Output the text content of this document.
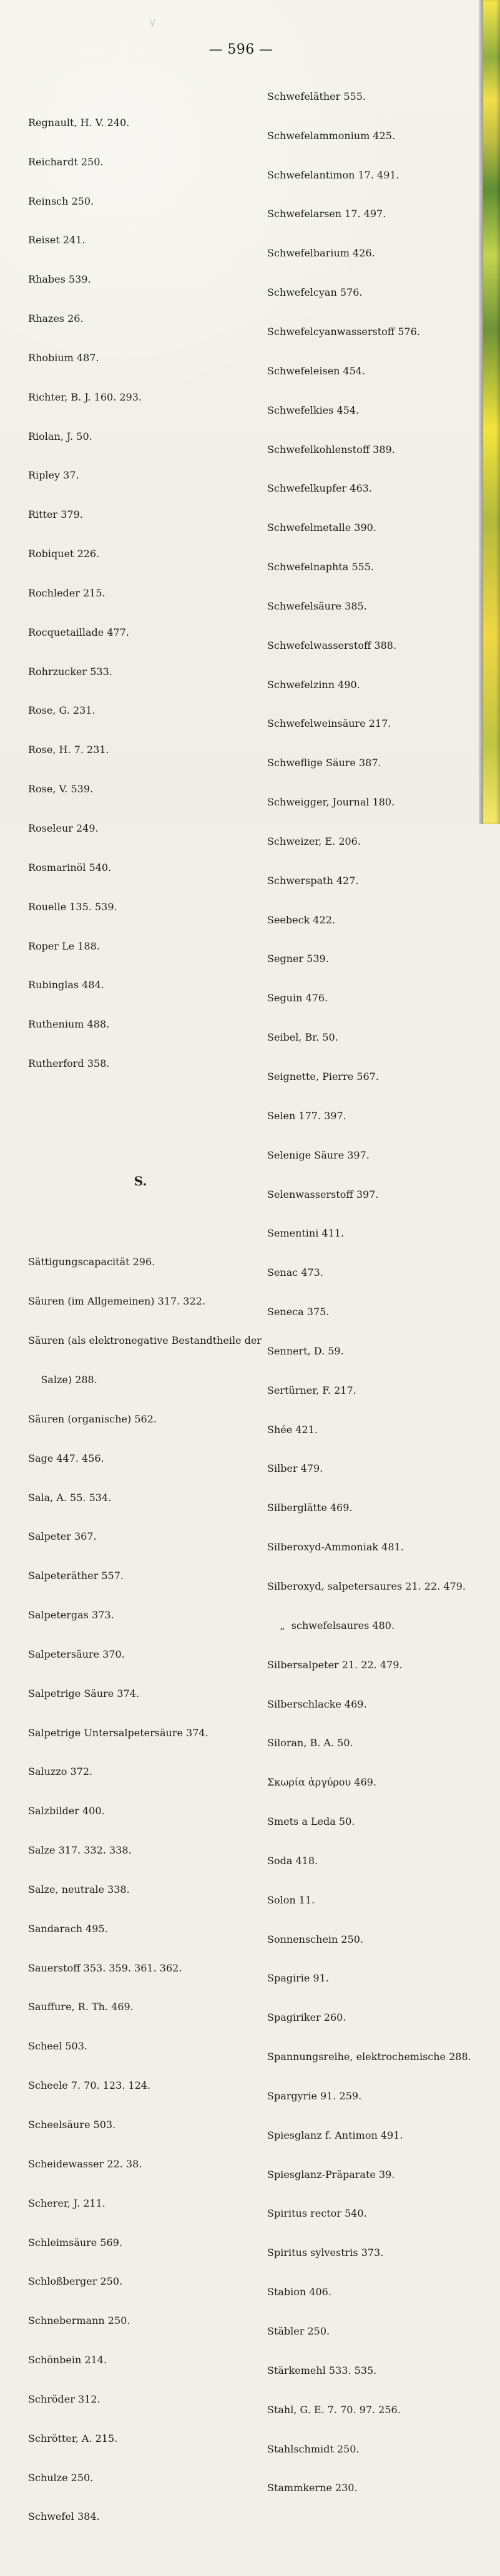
— 596 —

Regnault, H. V. 240.

Reichardt 250.

Reinsch 250.

Reiset 241.

Rhabes 539.

Rhazes 26.

Rhobium 487.

Richter, B. J. 160. 293.

Riolan, J. 50.

Ripley 37.

Ritter 379.

Robiquet 226.

Rochleder 215.

Rocquetaillade 477.

Rohrzucker 533.

Rose, G. 231.

Rose, H. 7. 231.

Rose, V. 539.

Roseleur 249.

Rosmarinöl 540.

Rouelle 135. 539.

Roper Le 188.

Rubinglas 484.

Ruthenium 488.

Rutherford 358.

S.

Sättigungscapacität 296.

Säuren (im Allgemeinen) 317. 322.

Säuren (als elektronegative Bestandtheile der

Salze) 288.

Säuren (organische) 562.

Sage 447. 456.

Sala, A. 55. 534.

Salpeter 367.

Salpeteräther 557.

Salpetergas 373.

Salpetersäure 370.

Salpetrige Säure 374.

Salpetrige Untersalpetersäure 374.

Saluzzo 372.

Salzbilder 400.

Salze 317. 332. 338.

Salze, neutrale 338.

Sandarach 495.

Sauerstoff 353. 359. 361. 362.

Sauffure, R. Th. 469.

Scheel 503.

Scheele 7. 70. 123. 124.

Scheelsäure 503.

Scheidewasser 22. 38.

Scherer, J. 211.

Schleimsäure 569.

Schloßberger 250.

Schnebermann 250.

Schönbein 214.

Schröder 312.

Schrötter, A. 215.

Schulze 250.

Schwefel 384.

Schwefeläther 555.

Schwefelammonium 425.

Schwefelantimon 17. 491.

Schwefelarsen 17. 497.

Schwefelbarium 426.

Schwefelcyan 576.

Schwefelcyanwasserstoff 576.

Schwefeleisen 454.

Schwefelkies 454.

Schwefelkohlenstoff 389.

Schwefelkupfer 463.

Schwefelmetalle 390.

Schwefelnaphta 555.

Schwefelsäure 385.

Schwefelwasserstoff 388.

Schwefelzinn 490.

Schwefelweinsäure 217.

Schweflige Säure 387.

Schweigger, Journal 180.

Schweizer, E. 206.

Schwerspath 427.

Seebeck 422.

Segner 539.

Seguin 476.

Seibel, Br. 50.

Seignette, Pierre 567.

Selen 177. 397.

Selenige Säure 397.

Selenwasserstoff 397.

Sementini 411.

Senac 473.

Seneca 375.

Sennert, D. 59.

Sertürner, F. 217.

Shée 421.

Silber 479.

Silberglätte 469.

Silberoxyd-Ammoniak 481.

Silberoxyd, salpetersaures 21. 22. 479.

„  schwefelsaures 480.

Silbersalpeter 21. 22. 479.

Silberschlacke 469.

Siloran, B. A. 50.

Σκωρία ἀργύρου 469.

Smets a Leda 50.

Soda 418.

Solon 11.

Sonnenschein 250.

Spagirie 91.

Spagiriker 260.

Spannungsreihe, elektrochemische 288.

Spargyrie 91. 259.

Spiesglanz f. Antimon 491.

Spiesglanz-Präparate 39.

Spiritus rector 540.

Spiritus sylvestris 373.

Stabion 406.

Stäbler 250.

Stärkemehl 533. 535.

Stahl, G. E. 7. 70. 97. 256.

Stahlschmidt 250.

Stammkerne 230.
